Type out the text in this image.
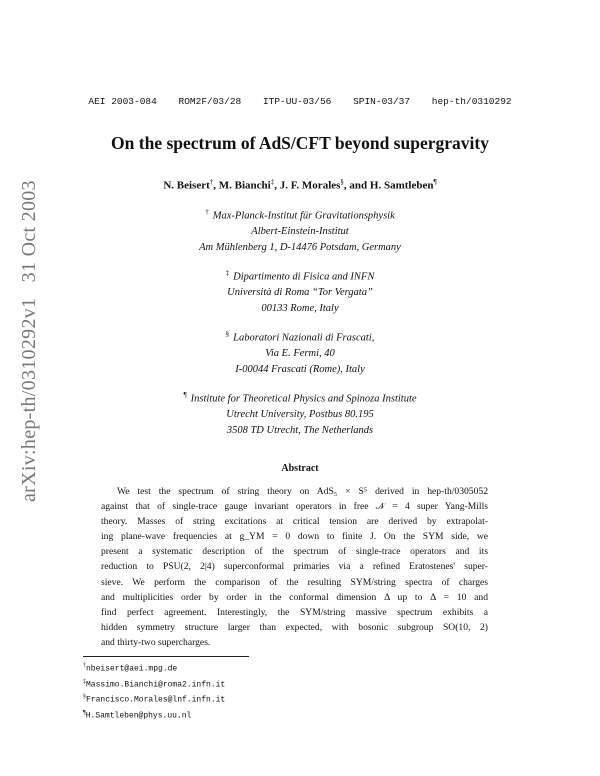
AEI 2003-084 ROM2F/03/28 ITP-UU-03/56 SPIN-03/37 hep-th/0310292
arXiv:hep-th/0310292v1 31 Oct 2003
On the spectrum of AdS/CFT beyond supergravity
N. Beisert†, M. Bianchi‡, J. F. Morales§, and H. Samtleben¶
† Max-Planck-Institut für Gravitationsphysik
Albert-Einstein-Institut
Am Mühlenberg 1, D-14476 Potsdam, Germany
‡ Dipartimento di Fisica and INFN
Università di Roma “Tor Vergata”
00133 Rome, Italy
§ Laboratori Nazionali di Frascati,
Via E. Fermi, 40
I-00044 Frascati (Rome), Italy
¶ Institute for Theoretical Physics and Spinoza Institute
Utrecht University, Postbus 80.195
3508 TD Utrecht, The Netherlands
Abstract
We test the spectrum of string theory on AdS₅ × S⁵ derived in hep-th/0305052
against that of single-trace gauge invariant operators in free 𝒩 = 4 super Yang-Mills
theory. Masses of string excitations at critical tension are derived by extrapolat-
ing plane-wave frequencies at g_YM = 0 down to finite J. On the SYM side, we
present a systematic description of the spectrum of single-trace operators and its
reduction to PSU(2, 2|4) superconformal primaries via a refined Eratostenes' super-
sieve. We perform the comparison of the resulting SYM/string spectra of charges
and multiplicities order by order in the conformal dimension Δ up to Δ = 10 and
find perfect agreement. Interestingly, the SYM/string massive spectrum exhibits a
hidden symmetry structure larger than expected, with bosonic subgroup SO(10, 2)
and thirty-two supercharges.
†nbeisert@aei.mpg.de
‡Massimo.Bianchi@roma2.infn.it
§Francisco.Morales@lnf.infn.it
¶H.Samtleben@phys.uu.nl
